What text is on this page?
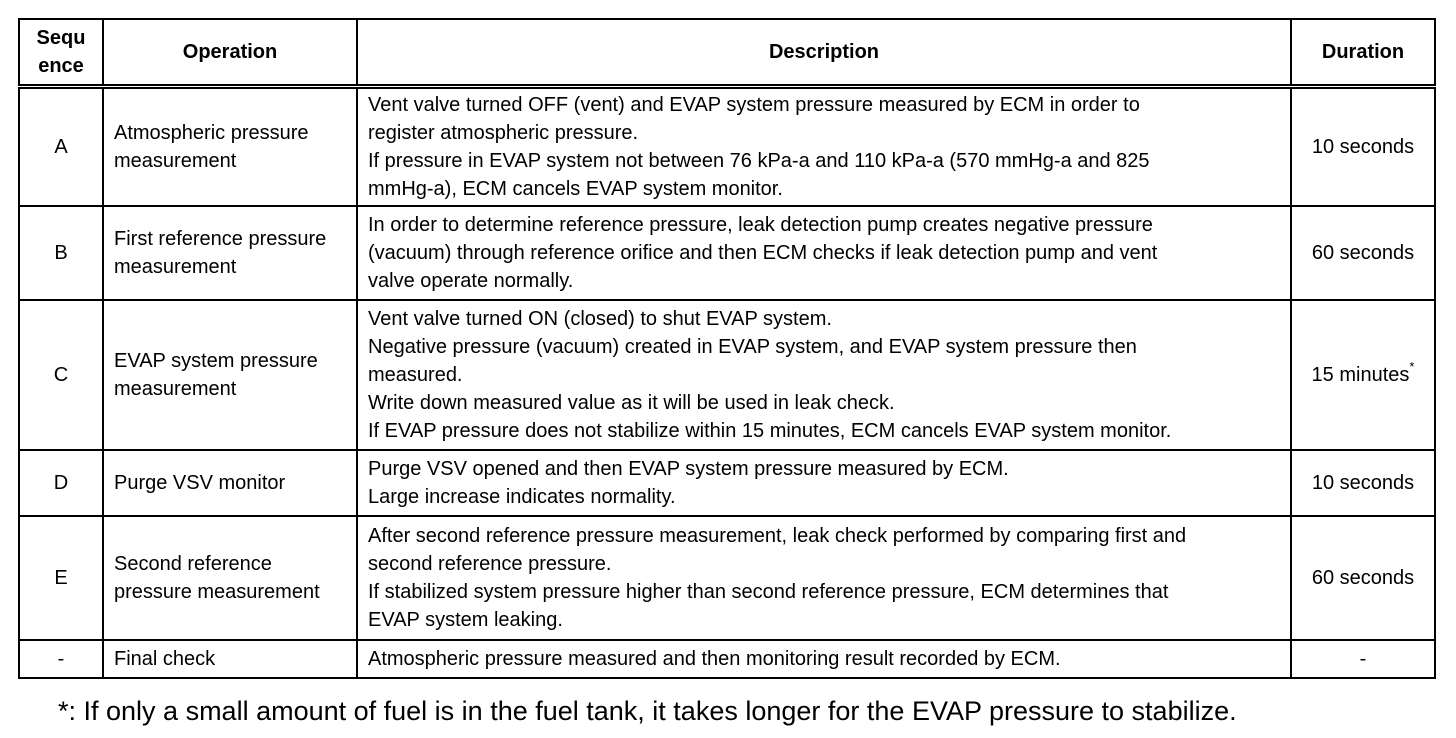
Sequ
ence	Operation	Description	Duration
A	Atmospheric pressure measurement	Vent valve turned OFF (vent) and EVAP system pressure measured by ECM in order to
register atmospheric pressure.
If pressure in EVAP system not between 76 kPa-a and 110 kPa-a (570 mmHg-a and 825
mmHg-a), ECM cancels EVAP system monitor.	10 seconds
B	First reference pressure measurement	In order to determine reference pressure, leak detection pump creates negative pressure
(vacuum) through reference orifice and then ECM checks if leak detection pump and vent
valve operate normally.	60 seconds
C	EVAP system pressure measurement	Vent valve turned ON (closed) to shut EVAP system.
Negative pressure (vacuum) created in EVAP system, and EVAP system pressure then
measured.
Write down measured value as it will be used in leak check.
If EVAP pressure does not stabilize within 15 minutes, ECM cancels EVAP system monitor.	15 minutes*
D	Purge VSV monitor	Purge VSV opened and then EVAP system pressure measured by ECM.
Large increase indicates normality.	10 seconds
E	Second reference pressure measurement	After second reference pressure measurement, leak check performed by comparing first and
second reference pressure.
If stabilized system pressure higher than second reference pressure, ECM determines that
EVAP system leaking.	60 seconds
-	Final check	Atmospheric pressure measured and then monitoring result recorded by ECM.	-
*: If only a small amount of fuel is in the fuel tank, it takes longer for the EVAP pressure to stabilize.
